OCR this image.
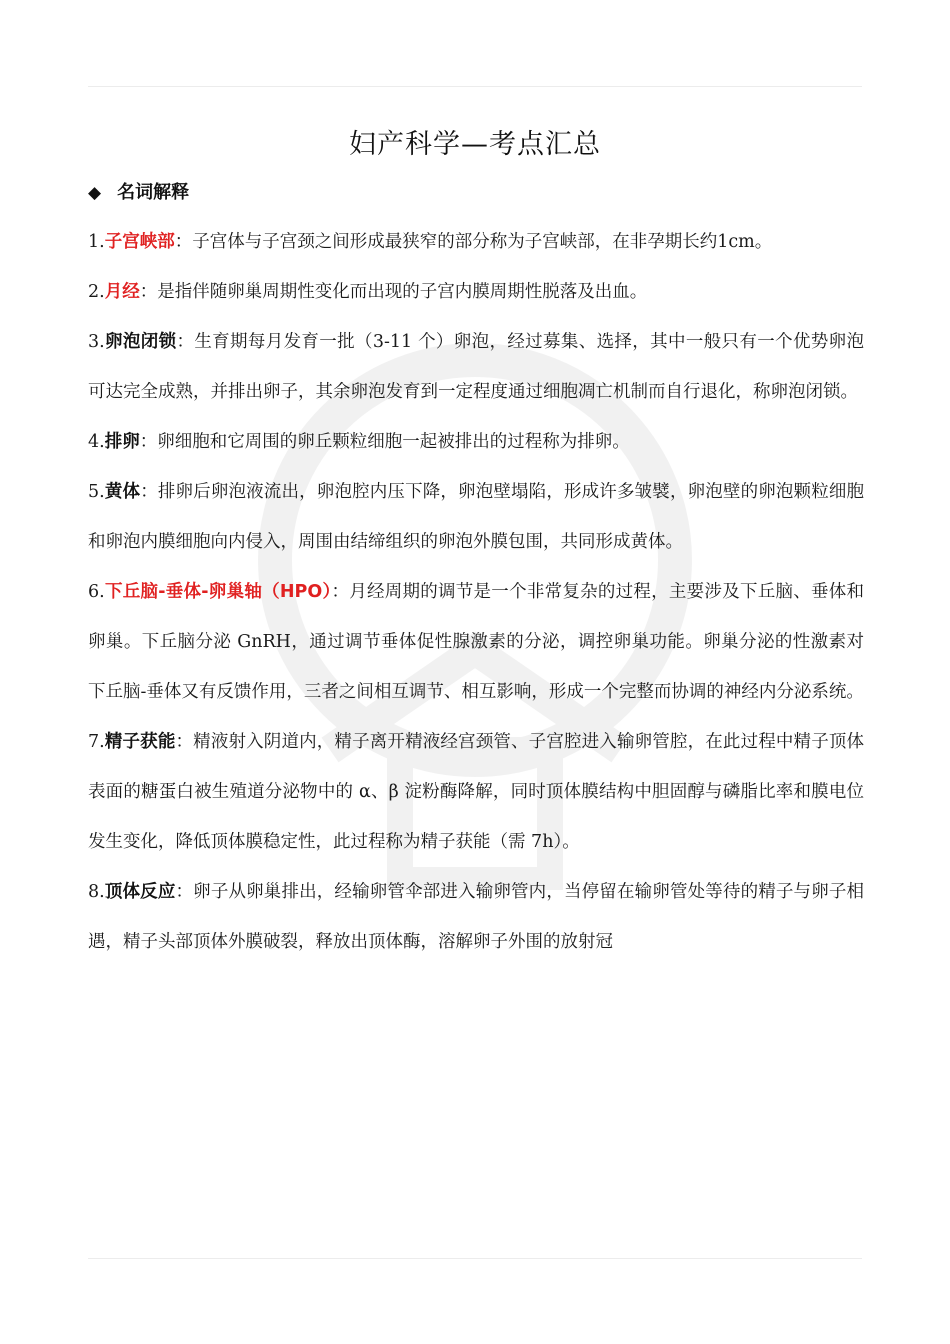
妇产科学—考点汇总
◆ 名词解释

1.子宫峡部：子宫体与子宫颈之间形成最狭窄的部分称为子宫峡部，在非孕期长约1cm。

2.月经：是指伴随卵巢周期性变化而出现的子宫内膜周期性脱落及出血。

3.卵泡闭锁：生育期每月发育一批（3-11 个）卵泡，经过募集、选择，其中一般只有一个优势卵泡可达完全成熟，并排出卵子，其余卵泡发育到一定程度通过细胞凋亡机制而自行退化，称卵泡闭锁。

4.排卵：卵细胞和它周围的卵丘颗粒细胞一起被排出的过程称为排卵。

5.黄体：排卵后卵泡液流出，卵泡腔内压下降，卵泡壁塌陷，形成许多皱襞，卵泡壁的卵泡颗粒细胞和卵泡内膜细胞向内侵入，周围由结缔组织的卵泡外膜包围，共同形成黄体。

6.下丘脑-垂体-卵巢轴（HPO）：月经周期的调节是一个非常复杂的过程，主要涉及下丘脑、垂体和卵巢。下丘脑分泌 GnRH，通过调节垂体促性腺激素的分泌，调控卵巢功能。卵巢分泌的性激素对下丘脑-垂体又有反馈作用，三者之间相互调节、相互影响，形成一个完整而协调的神经内分泌系统。

7.精子获能：精液射入阴道内，精子离开精液经宫颈管、子宫腔进入输卵管腔，在此过程中精子顶体表面的糖蛋白被生殖道分泌物中的 α、β 淀粉酶降解，同时顶体膜结构中胆固醇与磷脂比率和膜电位发生变化，降低顶体膜稳定性，此过程称为精子获能（需 7h）。

8.顶体反应：卵子从卵巢排出，经输卵管伞部进入输卵管内，当停留在输卵管处等待的精子与卵子相遇，精子头部顶体外膜破裂，释放出顶体酶，溶解卵子外围的放射冠
